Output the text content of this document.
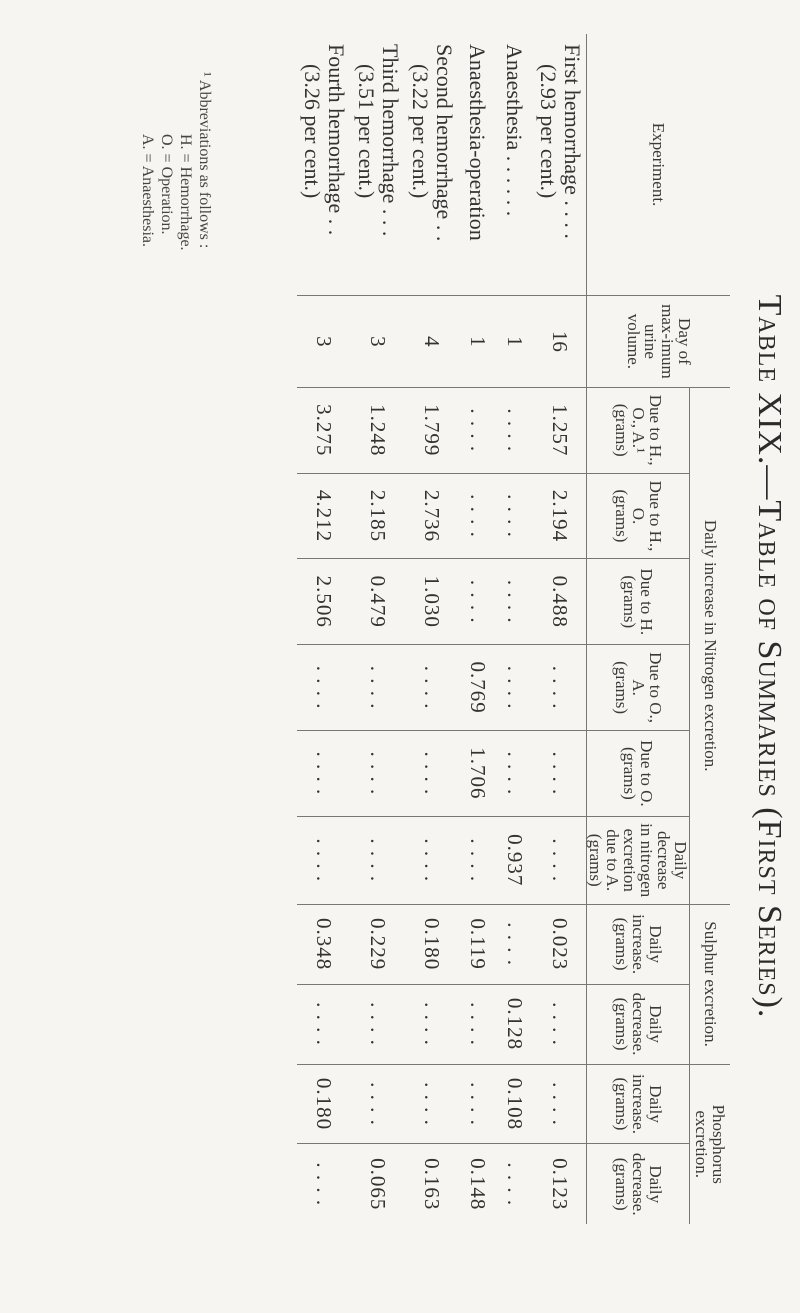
Table XIX.—Table of Summaries (First Series).
Experiment.	Day of max-imum urine volume.	Daily increase in Nitrogen excretion.						Sulphur excretion.		Phosphorus excretion.	
		Due to H., O., A.¹ (grams)	Due to H., O. (grams)	Due to H. (grams)	Due to O., A. (grams)	Due to O. (grams)	Daily decrease in nitrogen excretion due to A. (grams)	Daily increase. (grams)	Daily decrease. (grams)	Daily increase. (grams)	Daily decrease. (grams)
First hemorrhage . . . .
(2.93 per cent.)	16	1.257	2.194	0.488	. . . .	. . . .	. . . .	0.023	. . . .	. . . .	0.123
Anaesthesia . . . . . .	1	. . . .	. . . .	. . . .	. . . .	. . . .	0.937	. . . .	0.128	0.108	. . . .
Anaesthesia-operation	1	. . . .	. . . .	. . . .	0.769	1.706	. . . .	0.119	. . . .	. . . .	0.148
Second hemorrhage . .
(3.22 per cent.)	4	1.799	2.736	1.030	. . . .	. . . .	. . . .	0.180	. . . .	. . . .	0.163
Third hemorrhage . . .
(3.51 per cent.)	3	1.248	2.185	0.479	. . . .	. . . .	. . . .	0.229	. . . .	. . . .	0.065
Fourth hemorrhage . .
(3.26 per cent.)	3	3.275	4.212	2.506	. . . .	. . . .	. . . .	0.348	. . . .	0.180	. . . .
¹ Abbreviations as follows :
H. = Hemorrhage.
O. = Operation.
A. = Anaesthesia.
